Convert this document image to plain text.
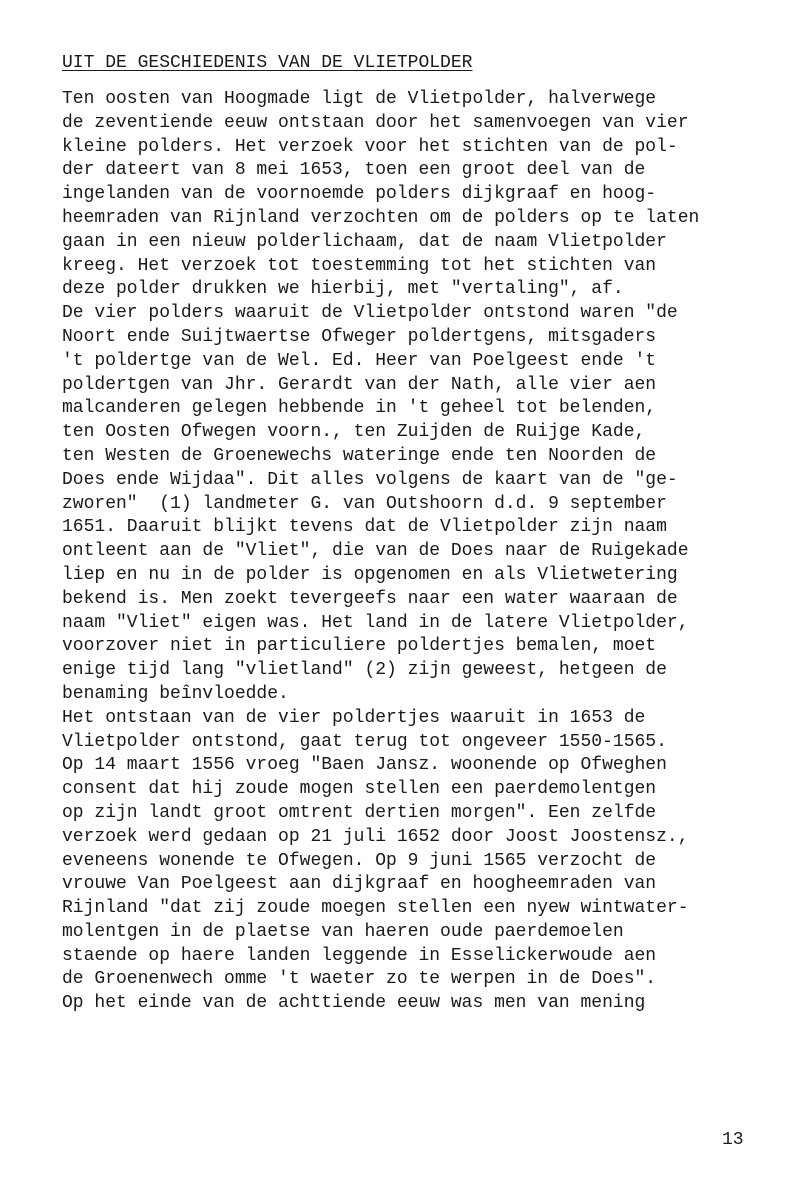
UIT DE GESCHIEDENIS VAN DE VLIETPOLDER
Ten oosten van Hoogmade ligt de Vlietpolder, halverwege
de zeventiende eeuw ontstaan door het samenvoegen van vier
kleine polders. Het verzoek voor het stichten van de pol-
der dateert van 8 mei 1653, toen een groot deel van de
ingelanden van de voornoemde polders dijkgraaf en hoog-
heemraden van Rijnland verzochten om de polders op te laten
gaan in een nieuw polderlichaam, dat de naam Vlietpolder
kreeg. Het verzoek tot toestemming tot het stichten van
deze polder drukken we hierbij, met "vertaling", af.
De vier polders waaruit de Vlietpolder ontstond waren "de
Noort ende Suijtwaertse Ofweger poldertgens, mitsgaders
't poldertge van de Wel. Ed. Heer van Poelgeest ende 't
poldertgen van Jhr. Gerardt van der Nath, alle vier aen
malcanderen gelegen hebbende in 't geheel tot belenden,
ten Oosten Ofwegen voorn., ten Zuijden de Ruijge Kade,
ten Westen de Groenewechs wateringe ende ten Noorden de
Does ende Wijdaa". Dit alles volgens de kaart van de "ge-
zworen"  (1) landmeter G. van Outshoorn d.d. 9 september
1651. Daaruit blijkt tevens dat de Vlietpolder zijn naam
ontleent aan de "Vliet", die van de Does naar de Ruigekade
liep en nu in de polder is opgenomen en als Vlietwetering
bekend is. Men zoekt tevergeefs naar een water waaraan de
naam "Vliet" eigen was. Het land in de latere Vlietpolder,
voorzover niet in particuliere poldertjes bemalen, moet
enige tijd lang "vlietland" (2) zijn geweest, hetgeen de
benaming beînvloedde.
Het ontstaan van de vier poldertjes waaruit in 1653 de
Vlietpolder ontstond, gaat terug tot ongeveer 1550-1565.
Op 14 maart 1556 vroeg "Baen Jansz. woonende op Ofweghen
consent dat hij zoude mogen stellen een paerdemolentgen
op zijn landt groot omtrent dertien morgen". Een zelfde
verzoek werd gedaan op 21 juli 1652 door Joost Joostensz.,
eveneens wonende te Ofwegen. Op 9 juni 1565 verzocht de
vrouwe Van Poelgeest aan dijkgraaf en hoogheemraden van
Rijnland "dat zij zoude moegen stellen een nyew wintwater-
molentgen in de plaetse van haeren oude paerdemoelen
staende op haere landen leggende in Esselickerwoude aen
de Groenenwech omme 't waeter zo te werpen in de Does".
Op het einde van de achttiende eeuw was men van mening
13
